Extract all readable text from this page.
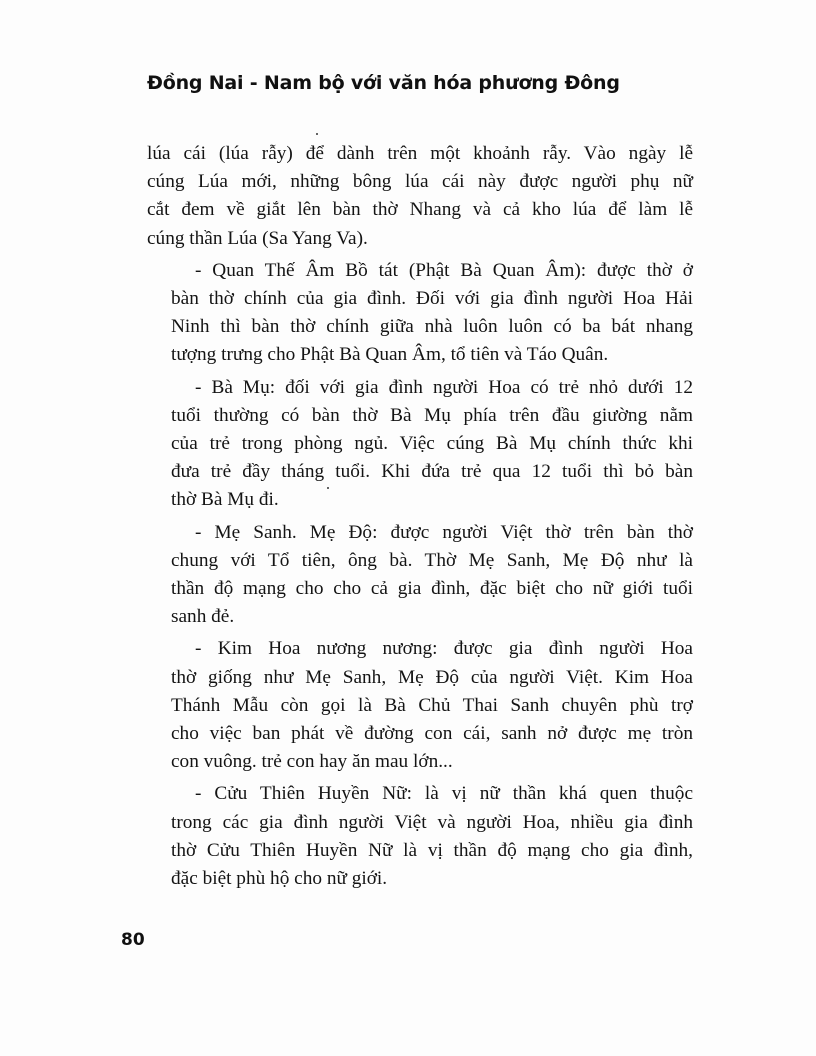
Đồng Nai - Nam bộ với văn hóa phương Đông
lúa cái (lúa rẫy) để dành trên một khoảnh rẫy. Vào ngày lễ
cúng Lúa mới, những bông lúa cái này được người phụ nữ
cắt đem về giắt lên bàn thờ Nhang và cả kho lúa để làm lễ
cúng thần Lúa (Sa Yang Va).
- Quan Thế Âm Bồ tát (Phật Bà Quan Âm): được thờ ở
bàn thờ chính của gia đình. Đối với gia đình người Hoa Hải
Ninh thì bàn thờ chính giữa nhà luôn luôn có ba bát nhang
tượng trưng cho Phật Bà Quan Âm, tổ tiên và Táo Quân.
- Bà Mụ: đối với gia đình người Hoa có trẻ nhỏ dưới 12
tuổi thường có bàn thờ Bà Mụ phía trên đầu giường nằm
của trẻ trong phòng ngủ. Việc cúng Bà Mụ chính thức khi
đưa trẻ đầy tháng tuổi. Khi đứa trẻ qua 12 tuổi thì bỏ bàn
thờ Bà Mụ đi.
- Mẹ Sanh. Mẹ Độ: được người Việt thờ trên bàn thờ
chung với Tổ tiên, ông bà. Thờ Mẹ Sanh, Mẹ Độ như là
thần độ mạng cho cho cả gia đình, đặc biệt cho nữ giới tuổi
sanh đẻ.
- Kim Hoa nương nương: được gia đình người Hoa
thờ giống như Mẹ Sanh, Mẹ Độ của người Việt. Kim Hoa
Thánh Mẫu còn gọi là Bà Chủ Thai Sanh chuyên phù trợ
cho việc ban phát về đường con cái, sanh nở được mẹ tròn
con vuông. trẻ con hay ăn mau lớn...
- Cửu Thiên Huyền Nữ: là vị nữ thần khá quen thuộc
trong các gia đình người Việt và người Hoa, nhiều gia đình
thờ Cửu Thiên Huyền Nữ là vị thần độ mạng cho gia đình,
đặc biệt phù hộ cho nữ giới.
80
